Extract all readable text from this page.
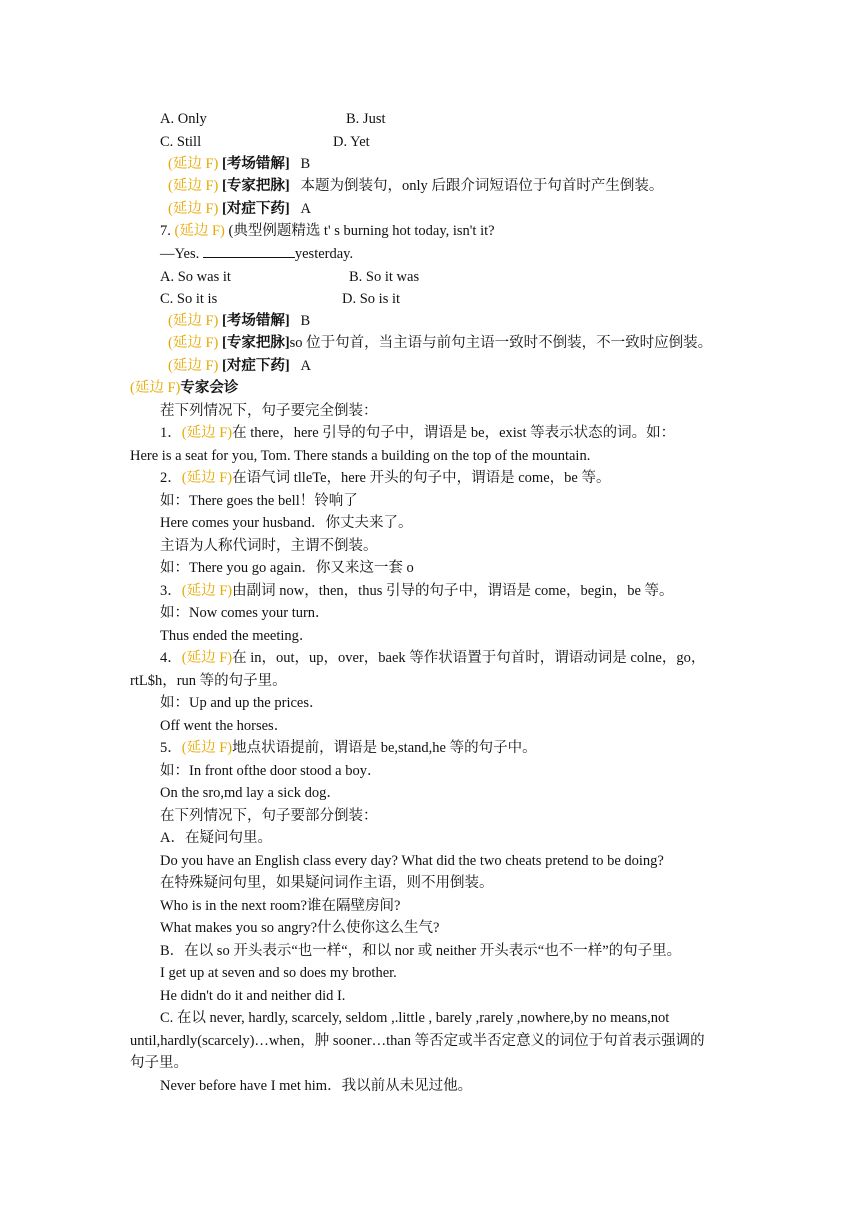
A. Only	B. Just
C. Still	D. Yet
(延边 F) [考场错解] B
(延边 F) [专家把脉] 本题为倒装句，only 后跟介词短语位于句首时产生倒装。
(延边 F) [对症下药] A
7. (延边 F) (典型例题精选 t' s burning hot today, isn't it?
—Yes.	yesterday.
A. So was it	B. So it was
C. So it is	D. So is it
(延边 F) [考场错解] B
(延边 F) [专家把脉]so 位于句首，当主语与前句主语一致时不倒装，不一致时应倒装。
(延边 F) [对症下药] A
(延边 F)专家会诊
茬下列情况下，句子要完全倒装：
1．(延边 F)在 there，here 引导的句子中，谓语是 be，exist 等表示状态的词。如：
Here is a seat for you, Tom. There stands a building on the top of the mountain.
2．(延边 F)在语气词 tlleTe，here 开头的句子中，谓语是 come，be 等。
如：There goes the bell！铃响了
Here comes your husband．你丈夫来了。
主语为人称代词时，主谓不倒装。
如：There you go again．你又来这一套 o
3．(延边 F)由副词 now，then，thus 引导的句子中，谓语是 come，begin，be 等。
如：Now comes your turn．
Thus ended the meeting．
4．(延边 F)在 in，out，up，over，baek 等作状语置于句首时，谓语动词是 colne，go，
rtL$h，run 等的句子里。
如：Up and up the prices．
Off went the horses．
5．(延边 F)地点状语提前，谓语是 be,stand,he 等的句子中。
如：In front ofthe door stood a boy．
On the sro,md lay a sick dog．
在下列情况下，句子要部分倒装：
A．在疑问句里。
Do you have an English class every day? What did the two cheats pretend to be doing?
在特殊疑问句里，如果疑问词作主语，则不用倒装。
Who is in the next room?谁在隔壁房间?
What makes you so angry?什么使你这么生气?
B．在以 so 开头表示“也一样“，和以 nor 或 neither 开头表示“也不一样”的句子里。
I get up at seven and so does my brother.
He didn't do it and neither did I.
C. 在以 never, hardly, scarcely, seldom ,.little , barely ,rarely ,nowhere,by no means,not
until,hardly(scarcely)…when，肿 sooner…than 等否定或半否定意义的词位于句首表示强调的
句子里。
Never before have I met him．我以前从未见过他。
